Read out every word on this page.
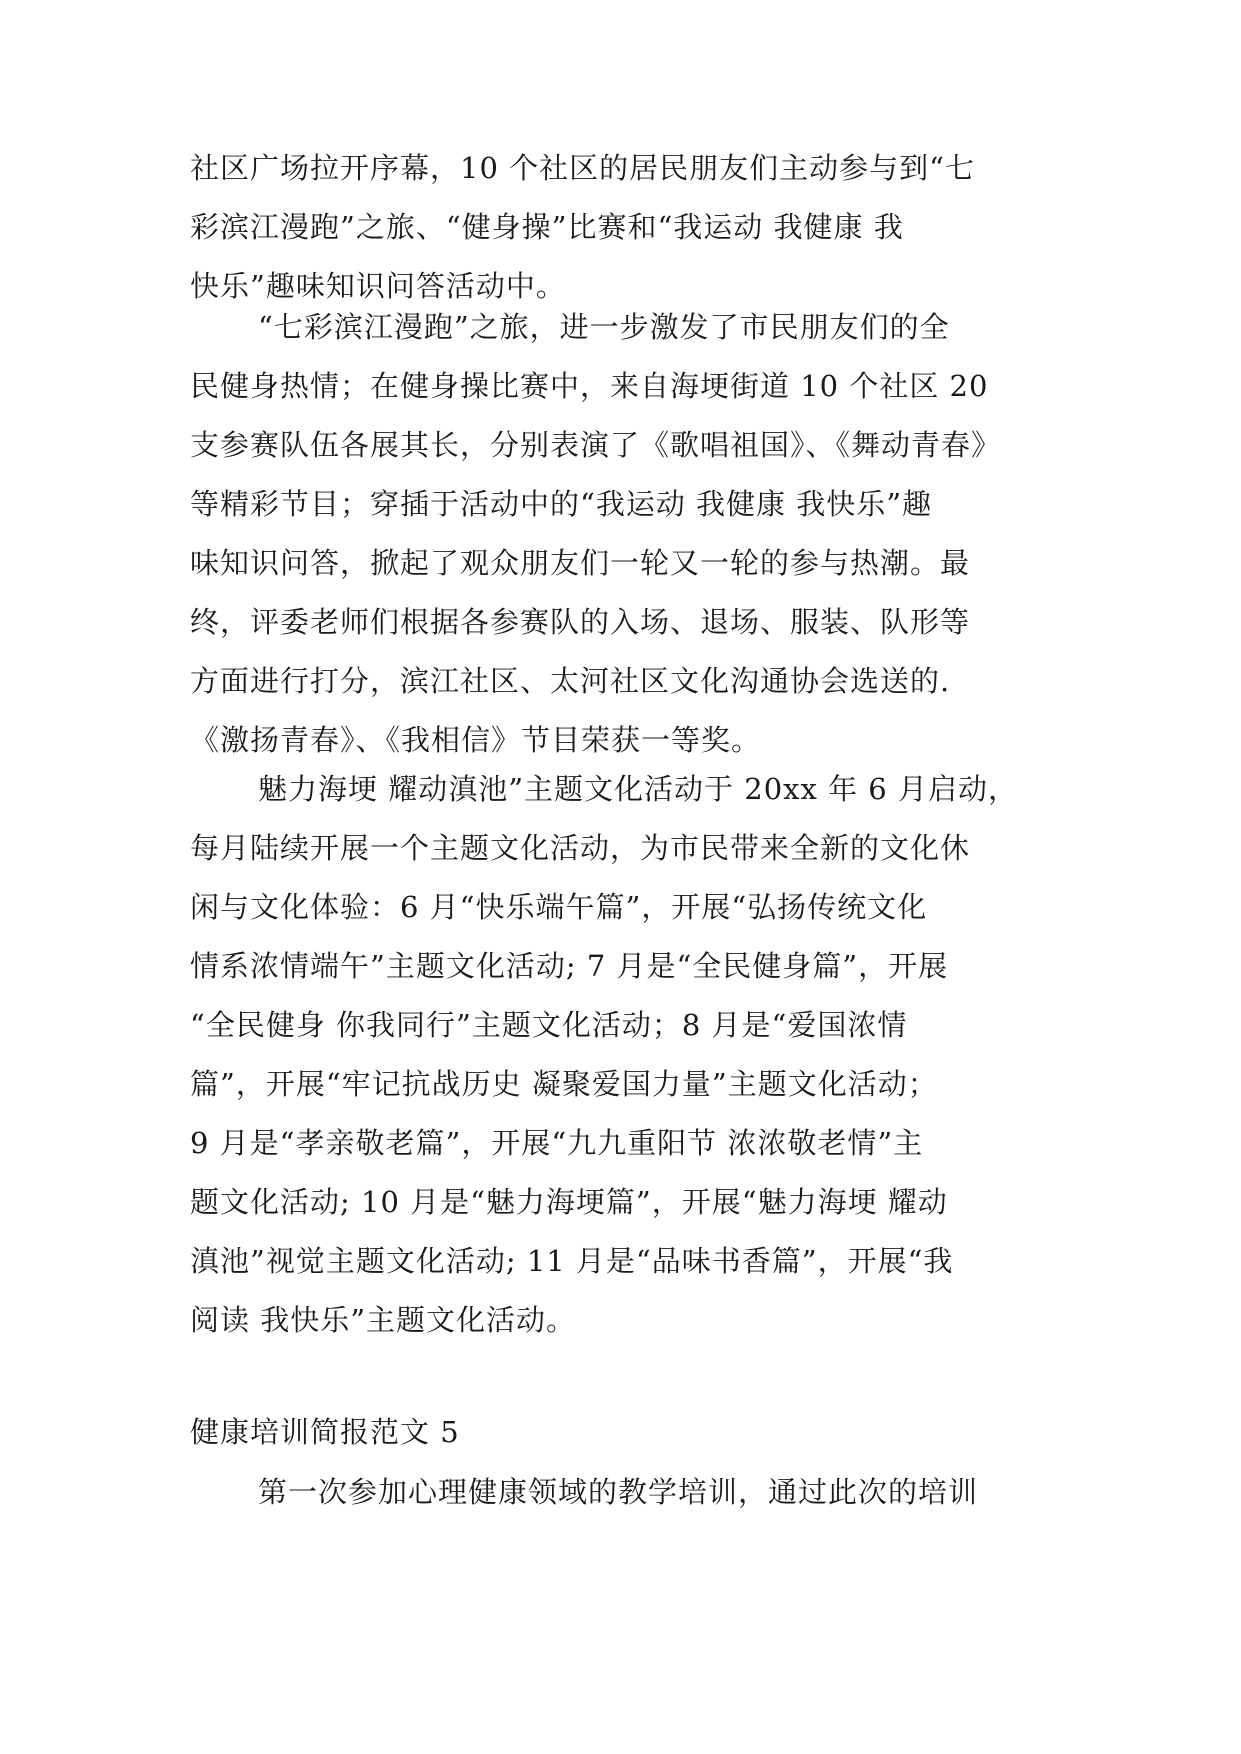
社区广场拉开序幕，10 个社区的居民朋友们主动参与到“七
彩滨江漫跑”之旅、“健身操”比赛和“我运动 我健康 我
快乐”趣味知识问答活动中。
“七彩滨江漫跑”之旅，进一步激发了市民朋友们的全
民健身热情；在健身操比赛中，来自海埂街道 10 个社区 20
支参赛队伍各展其长，分别表演了《歌唱祖国》、《舞动青春》
等精彩节目；穿插于活动中的“我运动 我健康 我快乐”趣
味知识问答，掀起了观众朋友们一轮又一轮的参与热潮。最
终，评委老师们根据各参赛队的入场、退场、服装、队形等
方面进行打分，滨江社区、太河社区文化沟通协会选送的.
《激扬青春》、《我相信》节目荣获一等奖。
魅力海埂 耀动滇池”主题文化活动于 20xx 年 6 月启动，
每月陆续开展一个主题文化活动，为市民带来全新的文化休
闲与文化体验：6 月“快乐端午篇”，开展“弘扬传统文化
情系浓情端午”主题文化活动; 7 月是“全民健身篇”，开展
“全民健身 你我同行”主题文化活动；8 月是“爱国浓情
篇”，开展“牢记抗战历史 凝聚爱国力量”主题文化活动；
9 月是“孝亲敬老篇”，开展“九九重阳节 浓浓敬老情”主
题文化活动; 10 月是“魅力海埂篇”，开展“魅力海埂 耀动
滇池”视觉主题文化活动; 11 月是“品味书香篇”，开展“我
阅读 我快乐”主题文化活动。
健康培训简报范文 5
第一次参加心理健康领域的教学培训，通过此次的培训
